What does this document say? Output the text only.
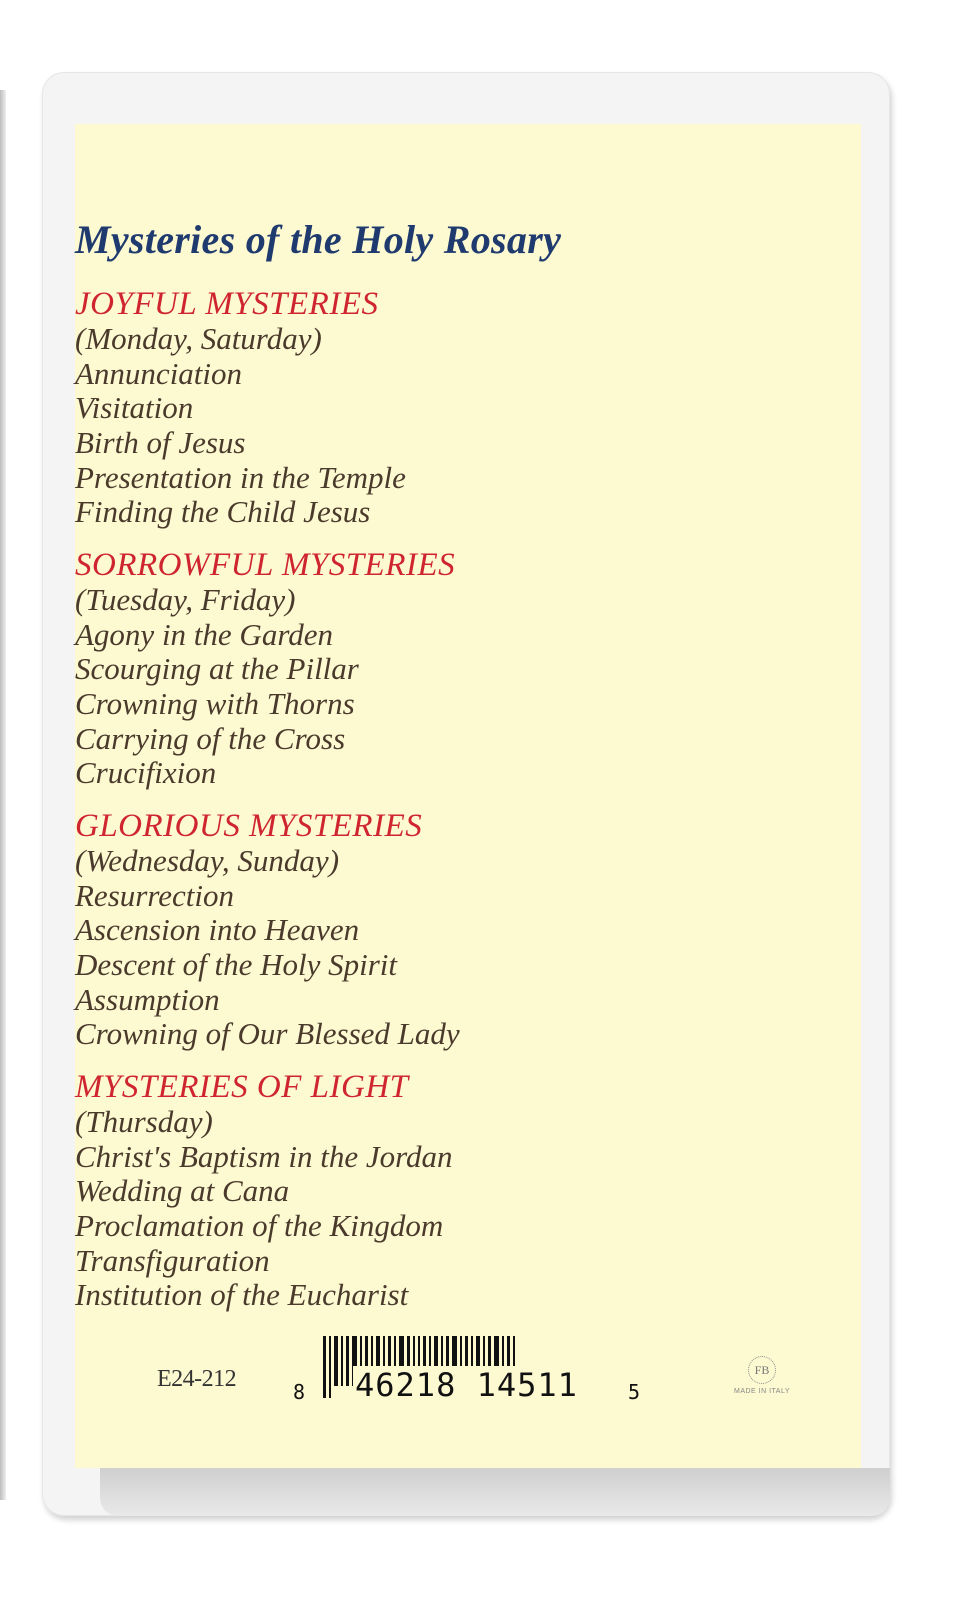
Mysteries of the Holy Rosary
JOYFUL MYSTERIES
(Monday, Saturday)
Annunciation
Visitation
Birth of Jesus
Presentation in the Temple
Finding the Child Jesus
SORROWFUL MYSTERIES
(Tuesday, Friday)
Agony in the Garden
Scourging at the Pillar
Crowning with Thorns
Carrying of the Cross
Crucifixion
GLORIOUS MYSTERIES
(Wednesday, Sunday)
Resurrection
Ascension into Heaven
Descent of the Holy Spirit
Assumption
Crowning of Our Blessed Lady
MYSTERIES OF LIGHT
(Thursday)
Christ's Baptism in the Jordan
Wedding at Cana
Proclamation of the Kingdom
Transfiguration
Institution of the Eucharist
E24-212	8 46218 14511	5
FB
MADE IN ITALY
